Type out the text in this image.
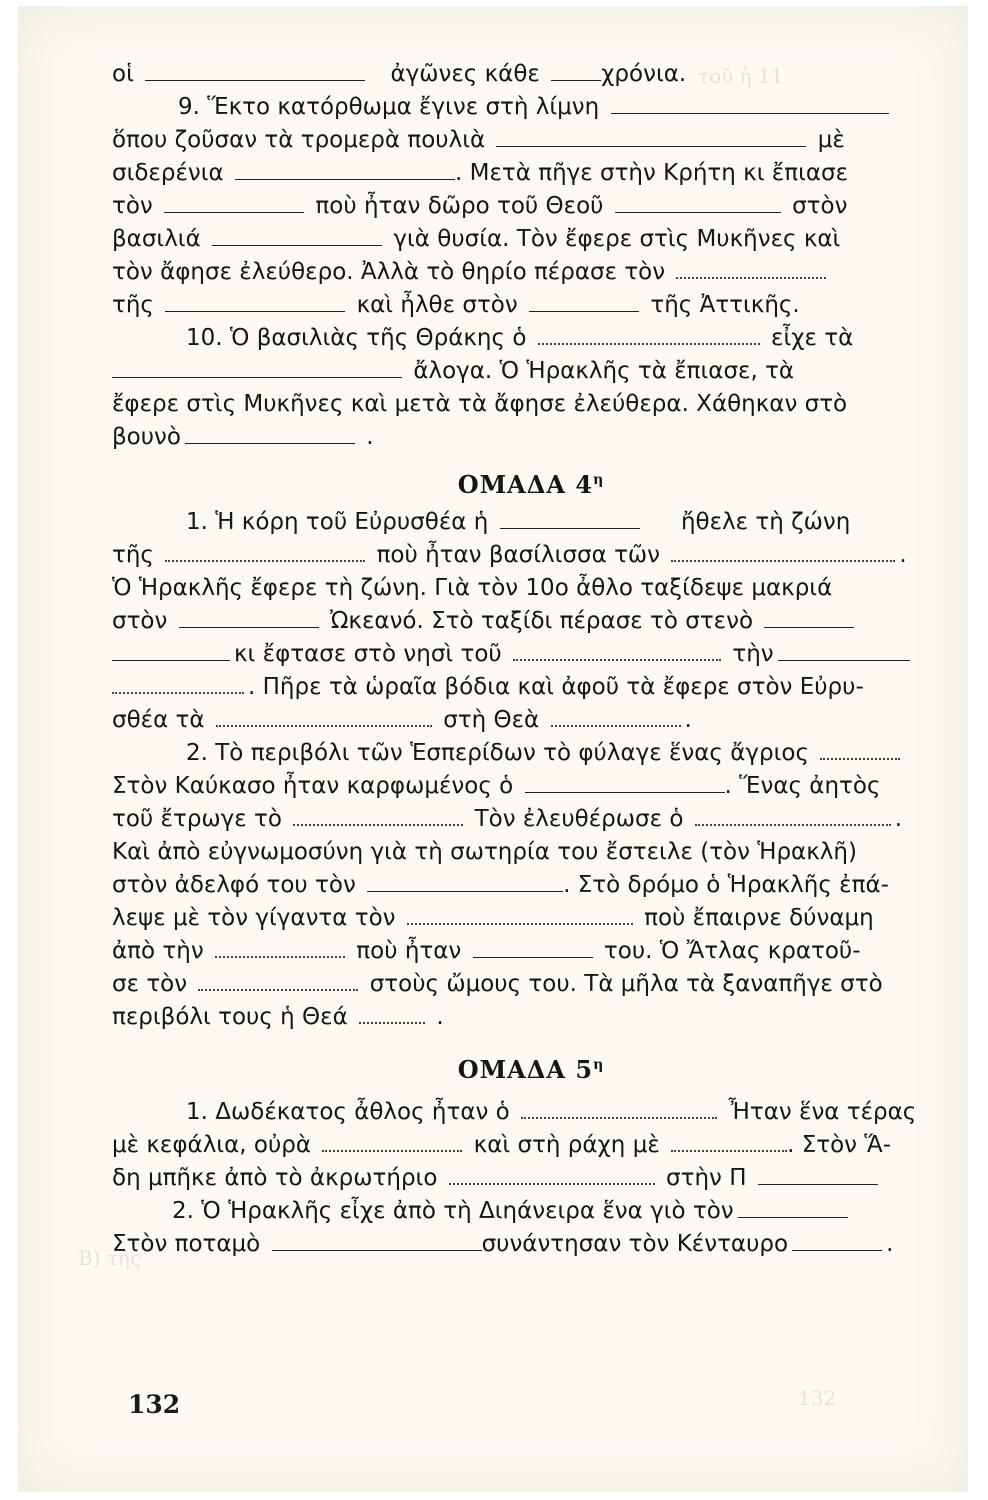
τοῦ ἡ 11
Β) τῆς
132
οἱ	ἀγῶνες κάθε	χρόνια.
9. Ἕκτο κατόρθωμα ἔγινε στὴ λίμνη
ὅπου ζοῦσαν τὰ τρομερὰ πουλιὰ	μὲ
σιδερένια	. Μετὰ πῆγε στὴν Κρήτη κι ἔπιασε
τὸν	ποὺ ἦταν δῶρο τοῦ Θεοῦ	στὸν
βασιλιά	γιὰ θυσία. Τὸν ἔφερε στὶς Μυκῆνες καὶ
τὸν ἄφησε ἐλεύθερο. Ἀλλὰ τὸ θηρίο πέρασε τὸν
τῆς	καὶ ἦλθε στὸν	τῆς Ἀττικῆς.
10. Ὁ βασιλιὰς τῆς Θράκης ὁ	εἶχε τὰ
ἄλογα. Ὁ Ἡρακλῆς τὰ ἔπιασε, τὰ
ἔφερε στὶς Μυκῆνες καὶ μετὰ τὰ ἄφησε ἐλεύθερα. Χάθηκαν στὸ
βουνὸ	.
ΟΜΑΔΑ $4^\eta$
1. Ἡ κόρη τοῦ Εὐρυσθέα ἡ	ἤθελε τὴ ζώνη
τῆς	ποὺ ἦταν βασίλισσα τῶν	.
Ὁ Ἡρακλῆς ἔφερε τὴ ζώνη. Γιὰ τὸν 10ο ἆθλο ταξίδεψε μακριά
στὸν	Ὠκεανό. Στὸ ταξίδι πέρασε τὸ στενὸ
κι ἔφτασε στὸ νησὶ τοῦ	τὴν
. Πῆρε τὰ ὡραῖα βόδια καὶ ἀφοῦ τὰ ἔφερε στὸν Εὐρυ-
σθέα τὰ	στὴ Θεὰ	.
2. Τὸ περιβόλι τῶν Ἑσπερίδων τὸ φύλαγε ἕνας ἄγριος
Στὸν Καύκασο ἦταν καρφωμένος ὁ	. Ἕνας ἀητὸς
τοῦ ἔτρωγε τὸ	Τὸν ἐλευθέρωσε ὁ	.
Καὶ ἀπὸ εὐγνωμοσύνη γιὰ τὴ σωτηρία του ἔστειλε (τὸν Ἡρακλῆ)
στὸν ἀδελφό του τὸν	. Στὸ δρόμο ὁ Ἡρακλῆς ἐπά-
λεψε μὲ τὸν γίγαντα τὸν	ποὺ ἔπαιρνε δύναμη
ἀπὸ τὴν	ποὺ ἦταν	του. Ὁ Ἄτλας κρατοῦ-
σε τὸν	στοὺς ὤμους του. Τὰ μῆλα τὰ ξαναπῆγε στὸ
περιβόλι τους ἡ Θεά	.
ΟΜΑΔΑ $5^\eta$
1. Δωδέκατος ἆθλος ἦταν ὁ	Ἦταν ἕνα τέρας
μὲ κεφάλια, οὐρὰ	καὶ στὴ ράχη μὲ	. Στὸν Ἅ-
δη μπῆκε ἀπὸ τὸ ἀκρωτήριο	στὴν Π
2. Ὁ Ἡρακλῆς εἶχε ἀπὸ τὴ Διηάνειρα ἕνα γιὸ τὸν
Στὸν ποταμὸ	συνάντησαν τὸν Κένταυρο	.
132
